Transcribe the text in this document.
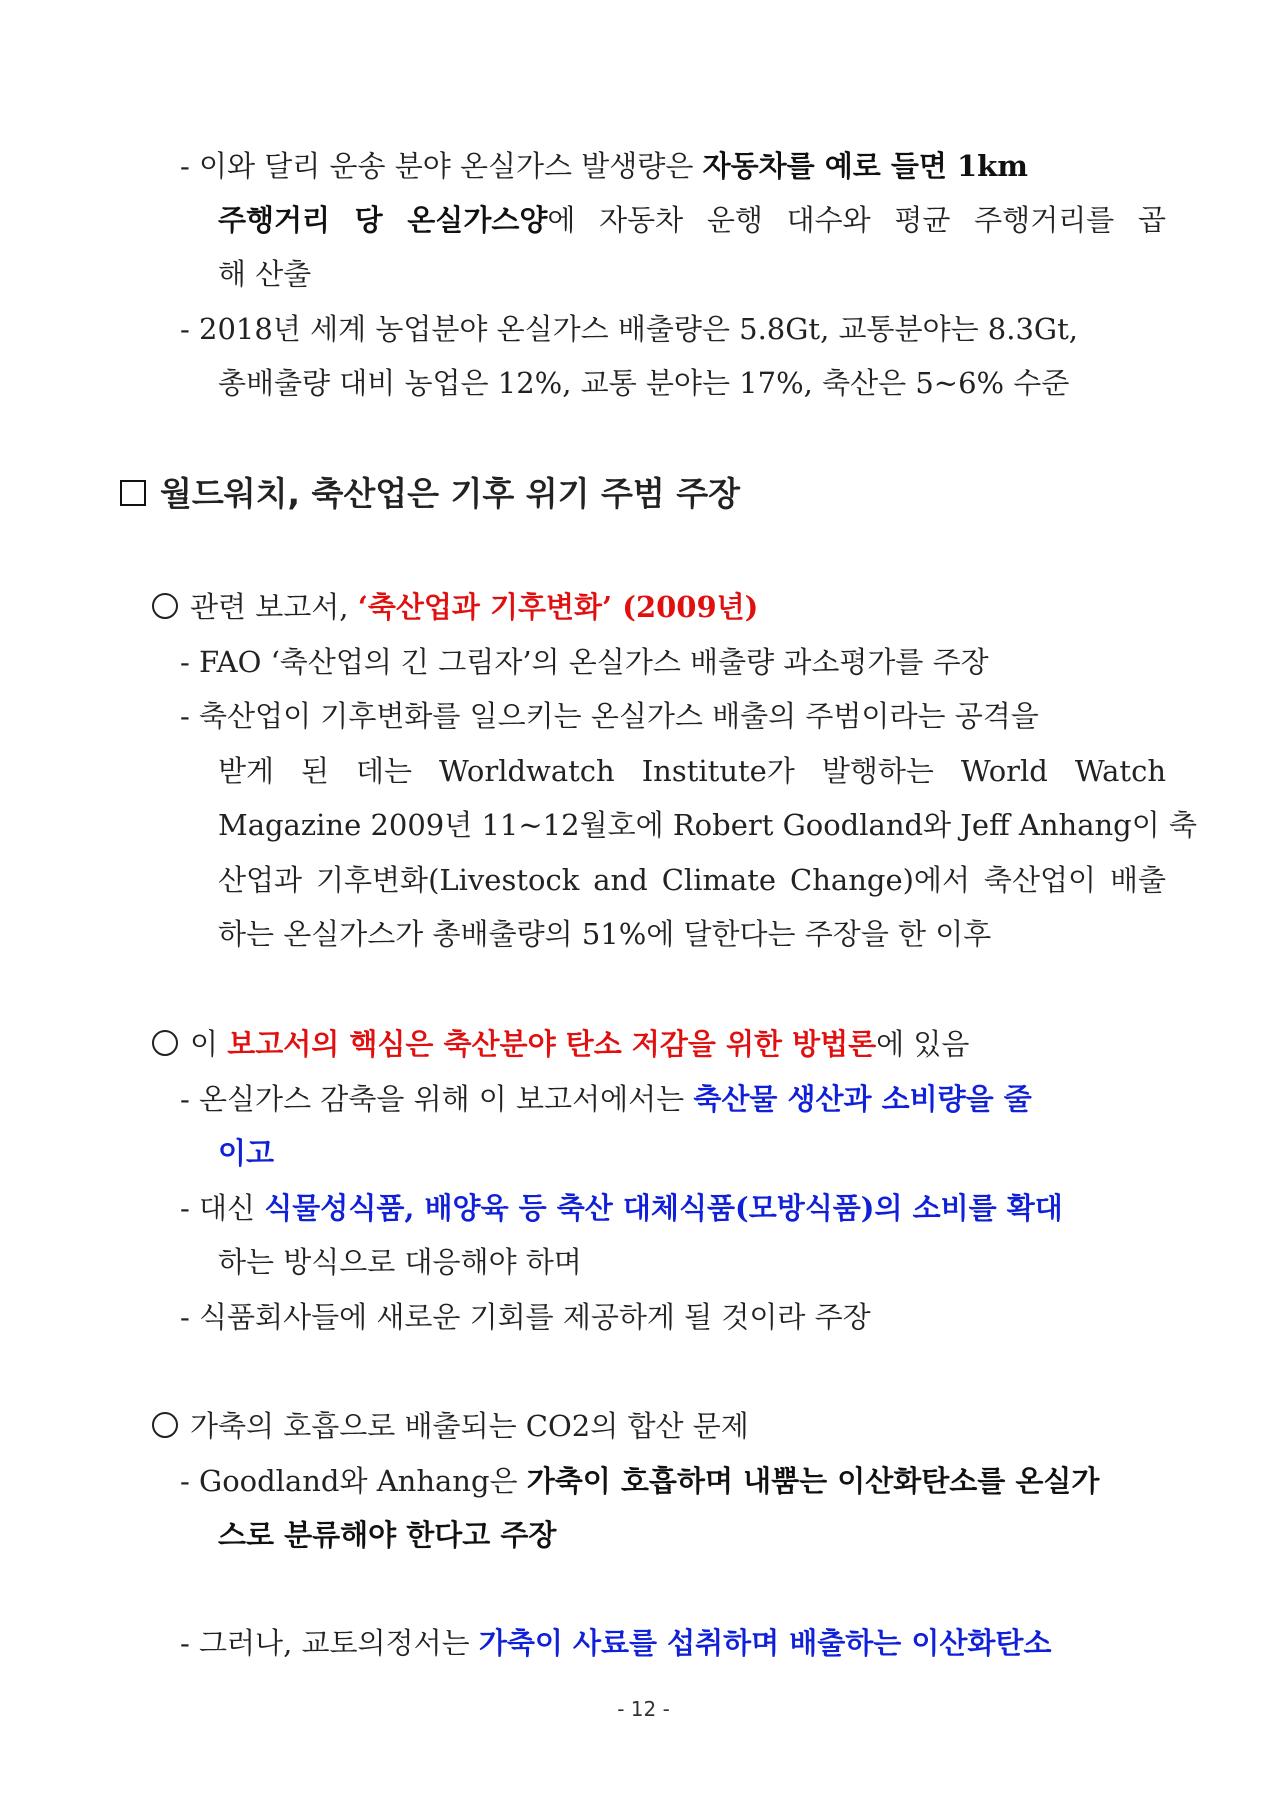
- 이와 달리 운송 분야 온실가스 발생량은 자동차를 예로 들면 1km
주행거리 당 온실가스양에 자동차 운행 대수와 평균 주행거리를 곱
해 산출
- 2018년 세계 농업분야 온실가스 배출량은 5.8Gt, 교통분야는 8.3Gt,
총배출량 대비 농업은 12%, 교통 분야는 17%, 축산은 5~6% 수준
월드워치, 축산업은 기후 위기 주범 주장
관련 보고서, ‘축산업과 기후변화’ (2009년)
- FAO ‘축산업의 긴 그림자’의 온실가스 배출량 과소평가를 주장
- 축산업이 기후변화를 일으키는 온실가스 배출의 주범이라는 공격을
받게 된 데는 Worldwatch Institute가 발행하는 World Watch
Magazine 2009년 11~12월호에 Robert Goodland와 Jeff Anhang이 축
산업과 기후변화(Livestock and Climate Change)에서 축산업이 배출
하는 온실가스가 총배출량의 51%에 달한다는 주장을 한 이후
이 보고서의 핵심은 축산분야 탄소 저감을 위한 방법론에 있음
- 온실가스 감축을 위해 이 보고서에서는 축산물 생산과 소비량을 줄
이고
- 대신 식물성식품, 배양육 등 축산 대체식품(모방식품)의 소비를 확대
하는 방식으로 대응해야 하며
- 식품회사들에 새로운 기회를 제공하게 될 것이라 주장
가축의 호흡으로 배출되는 CO2의 합산 문제
- Goodland와 Anhang은 가축이 호흡하며 내뿜는 이산화탄소를 온실가
스로 분류해야 한다고 주장
- 그러나, 교토의정서는 가축이 사료를 섭취하며 배출하는 이산화탄소
- 12 -
